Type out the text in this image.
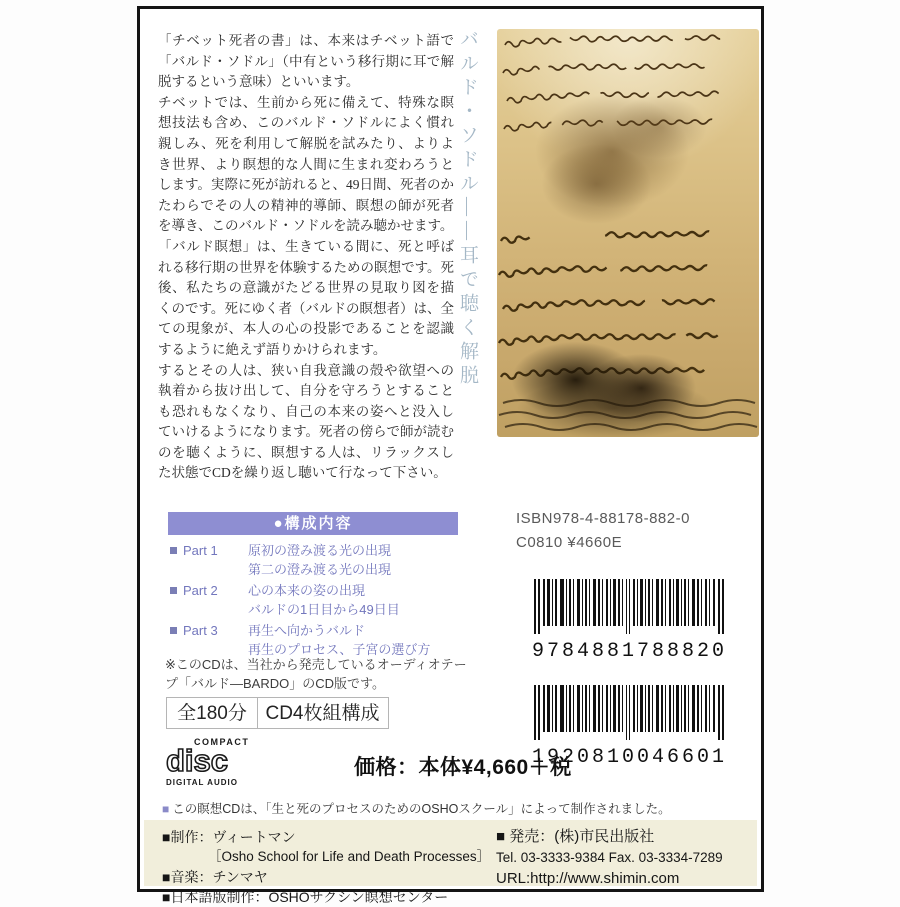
「チベット死者の書」は、本来はチベット語で「バルド・ソドル」（中有という移行期に耳で解脱するという意味）といいます。

チベットでは、生前から死に備えて、特殊な瞑想技法も含め、このバルド・ソドルによく慣れ親しみ、死を利用して解脱を試みたり、よりよき世界、より瞑想的な人間に生まれ変わろうとします。実際に死が訪れると、49日間、死者のかたわらでその人の精神的導師、瞑想の師が死者を導き、このバルド・ソドルを読み聴かせます。

「バルド瞑想」は、生きている間に、死と呼ばれる移行期の世界を体験するための瞑想です。死後、私たちの意識がたどる世界の見取り図を描くのです。死にゆく者（バルドの瞑想者）は、全ての現象が、本人の心の投影であることを認識するように絶えず語りかけられます。

するとその人は、狭い自我意識の殻や欲望への執着から抜け出して、自分を守ろうとすることも恐れもなくなり、自己の本来の姿へと没入していけるようになります。死者の傍らで師が読むのを聴くように、瞑想する人は、リラックスした状態でCDを繰り返し聴いて行なって下さい。

バルド・ソドル――耳で聴く解脱
ISBN978-4-88178-882-0
C0810 ¥4660E
9784881788820
1920810046601
●構成内容
Part 1 原初の澄み渡る光の出現
第二の澄み渡る光の出現
Part 2 心の本来の姿の出現
バルドの1日目から49日目
Part 3 再生へ向かうバルド
再生のプロセス、子宮の選び方
※このCDは、当社から発売しているオーディオテープ「バルド―BARDO」のCD版です。
全180分 CD4枚組構成
COMPACT
disc
DIGITAL AUDIO
価格：本体¥4,660＋税
■ この瞑想CDは、「生と死のプロセスのためのOSHOスクール」によって制作されました。
■制作：ヴィートマン
［Osho School for Life and Death Processes］
■音楽：チンマヤ
■日本語版制作：OSHOサクシン瞑想センター
■ 発売：(株)市民出版社
Tel. 03-3333-9384 Fax. 03-3334-7289
URL:http://www.shimin.com
